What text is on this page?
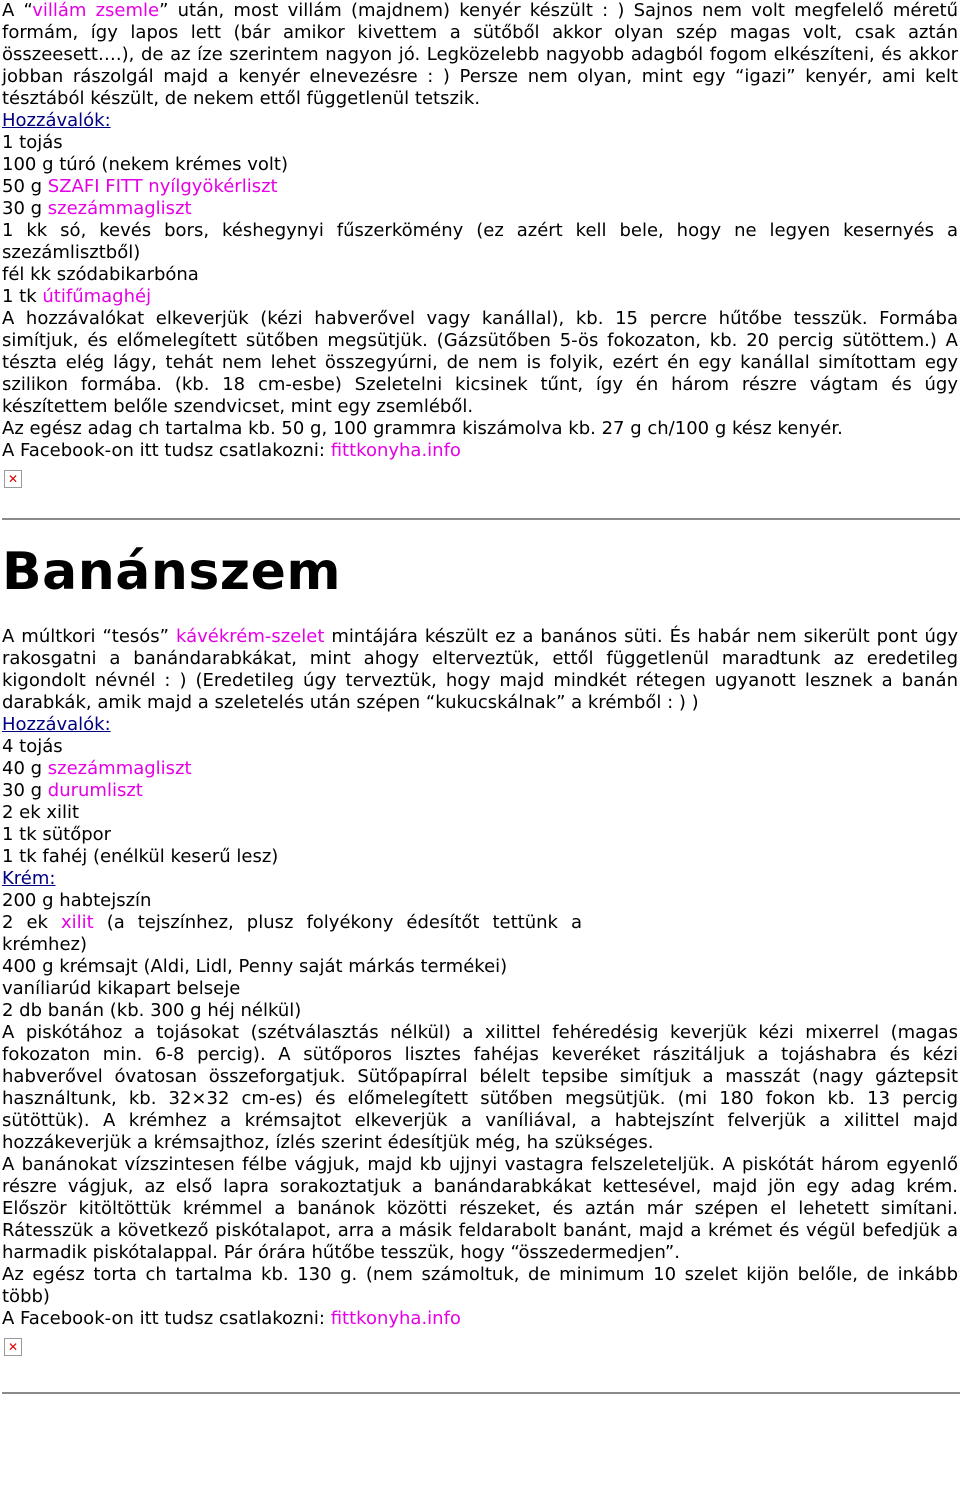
A “villám zsemle” után, most villám (majdnem) kenyér készült : ) Sajnos nem volt megfelelő méretű formám, így lapos lett (bár amikor kivettem a sütőből akkor olyan szép magas volt, csak aztán összeesett….), de az íze szerintem nagyon jó. Legközelebb nagyobb adagból fogom elkészíteni, és akkor jobban rászolgál majd a kenyér elnevezésre : ) Persze nem olyan, mint egy “igazi” kenyér, ami kelt tésztából készült, de nekem ettől függetlenül tetszik.
Hozzávalók:
1 tojás
100 g túró (nekem krémes volt)
50 g SZAFI FITT nyílgyökérliszt
30 g szezámmagliszt
1 kk só, kevés bors, késhegynyi fűszerkömény (ez azért kell bele, hogy ne legyen kesernyés a szezámlisztből)
fél kk szódabikarbóna
1 tk útifűmaghéj
A hozzávalókat elkeverjük (kézi habverővel vagy kanállal), kb. 15 percre hűtőbe tesszük. Formába simítjuk, és előmelegített sütőben megsütjük. (Gázsütőben 5-ös fokozaton, kb. 20 percig sütöttem.) A tészta elég lágy, tehát nem lehet összegyúrni, de nem is folyik, ezért én egy kanállal simítottam egy szilikon formába. (kb. 18 cm-esbe) Szeletelni kicsinek tűnt, így én három részre vágtam és úgy készítettem belőle szendvicset, mint egy zsemléből.
Az egész adag ch tartalma kb. 50 g, 100 grammra kiszámolva kb. 27 g ch/100 g kész kenyér.
A Facebook-on itt tudsz csatlakozni: fittkonyha.info
✕
Banánszem
A múltkori “tesós” kávékrém-szelet mintájára készült ez a banános süti. És habár nem sikerült pont úgy rakosgatni a banándarabkákat, mint ahogy elterveztük, ettől függetlenül maradtunk az eredetileg kigondolt névnél : ) (Eredetileg úgy terveztük, hogy majd mindkét rétegen ugyanott lesznek a banán darabkák, amik majd a szeletelés után szépen “kukucskálnak” a krémből : ) )
Hozzávalók:
4 tojás
40 g szezámmagliszt
30 g durumliszt
2 ek xilit
1 tk sütőpor
1 tk fahéj (enélkül keserű lesz)
Krém:
200 g habtejszín
2 ek xilit (a tejszínhez, plusz folyékony édesítőt tettünk a krémhez)
400 g krémsajt (Aldi, Lidl, Penny saját márkás termékei)
vaníliarúd kikapart belseje
2 db banán (kb. 300 g héj nélkül)
A piskótához a tojásokat (szétválasztás nélkül) a xilittel fehéredésig keverjük kézi mixerrel (magas fokozaton min. 6-8 percig). A sütőporos lisztes fahéjas keveréket rászitáljuk a tojáshabra és kézi habverővel óvatosan összeforgatjuk. Sütőpapírral bélelt tepsibe simítjuk a masszát (nagy gáztepsit használtunk, kb. 32×32 cm-es) és előmelegített sütőben megsütjük. (mi 180 fokon kb. 13 percig sütöttük). A krémhez a krémsajtot elkeverjük a vaníliával, a habtejszínt felverjük a xilittel majd hozzákeverjük a krémsajthoz, ízlés szerint édesítjük még, ha szükséges.
A banánokat vízszintesen félbe vágjuk, majd kb ujjnyi vastagra felszeleteljük. A piskótát három egyenlő részre vágjuk, az első lapra sorakoztatjuk a banándarabkákat kettesével, majd jön egy adag krém. Először kitöltöttük krémmel a banánok közötti részeket, és aztán már szépen el lehetett simítani. Rátesszük a következő piskótalapot, arra a másik feldarabolt banánt, majd a krémet és végül befedjük a harmadik piskótalappal. Pár órára hűtőbe tesszük, hogy “összedermedjen”.
Az egész torta ch tartalma kb. 130 g. (nem számoltuk, de minimum 10 szelet kijön belőle, de inkább több)
A Facebook-on itt tudsz csatlakozni: fittkonyha.info
✕
